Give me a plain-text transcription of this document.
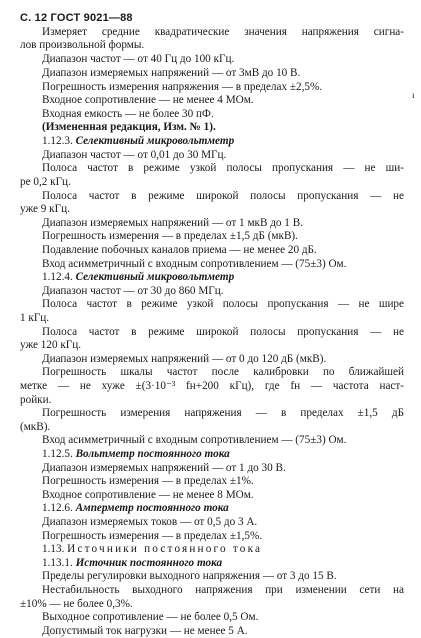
С. 12 ГОСТ 9021—88
ı
Измеряет средние квадратические значения напряжения сигна-
лов произвольной формы.
Диапазон частот — от 40 Гц до 100 кГц.
Диапазон измеряемых напряжений — от 3мВ до 10 В.
Погрешность измерения напряжения — в пределах ±2,5%.
Входное сопротивление — не менее 4 МОм.
Входная емкость — не более 30 пФ.
(Измененная редакция, Изм. № 1).
1.12.3. Селективный микровольтметр
Диапазон частот — от 0,01 до 30 МГц.
Полоса частот в режиме узкой полосы пропускания — не ши-
ре 0,2 кГц.
Полоса частот в режиме широкой полосы пропускания — не
уже 9 кГц.
Диапазон измеряемых напряжений — от 1 мкВ до 1 В.
Погрешность измерения — в пределах ±1,5 дБ (мкВ).
Подавление побочных каналов приема — не менее 20 дБ.
Вход асимметричный с входным сопротивлением — (75±3) Ом.
1.12.4. Селективный микровольтметр
Диапазон частот — от 30 до 860 МГц.
Полоса частот в режиме узкой полосы пропускания — не шире
1 кГц.
Полоса частот в режиме широкой полосы пропускания — не
уже 120 кГц.
Диапазон измеряемых напряжений — от 0 до 120 дБ (мкВ).
Погрешность шкалы частот после калибровки по ближайшей
метке — не хуже ±(3·10⁻³ fн+200 кГц), где fн — частота наст-
ройки.
Погрешность измерения напряжения — в пределах ±1,5 дБ
(мкВ).
Вход асимметричный с входным сопротивлением — (75±3) Ом.
1.12.5. Вольтметр постоянного тока
Диапазон измеряемых напряжений — от 1 до 30 В.
Погрешность измерения — в пределах ±1%.
Входное сопротивление — не менее 8 МОм.
1.12.6. Амперметр постоянного тока
Диапазон измеряемых токов — от 0,5 до 3 А.
Погрешность измерения — в пределах ±1,5%.
1.13. Источники постоянного тока
1.13.1. Источник постоянного тока
Пределы регулировки выходного напряжения — от 3 до 15 В.
Нестабильность выходного напряжения при изменении сети на
±10% — не более 0,3%.
Выходное сопротивление — не более 0,5 Ом.
Допустимый ток нагрузки — не менее 5 А.
